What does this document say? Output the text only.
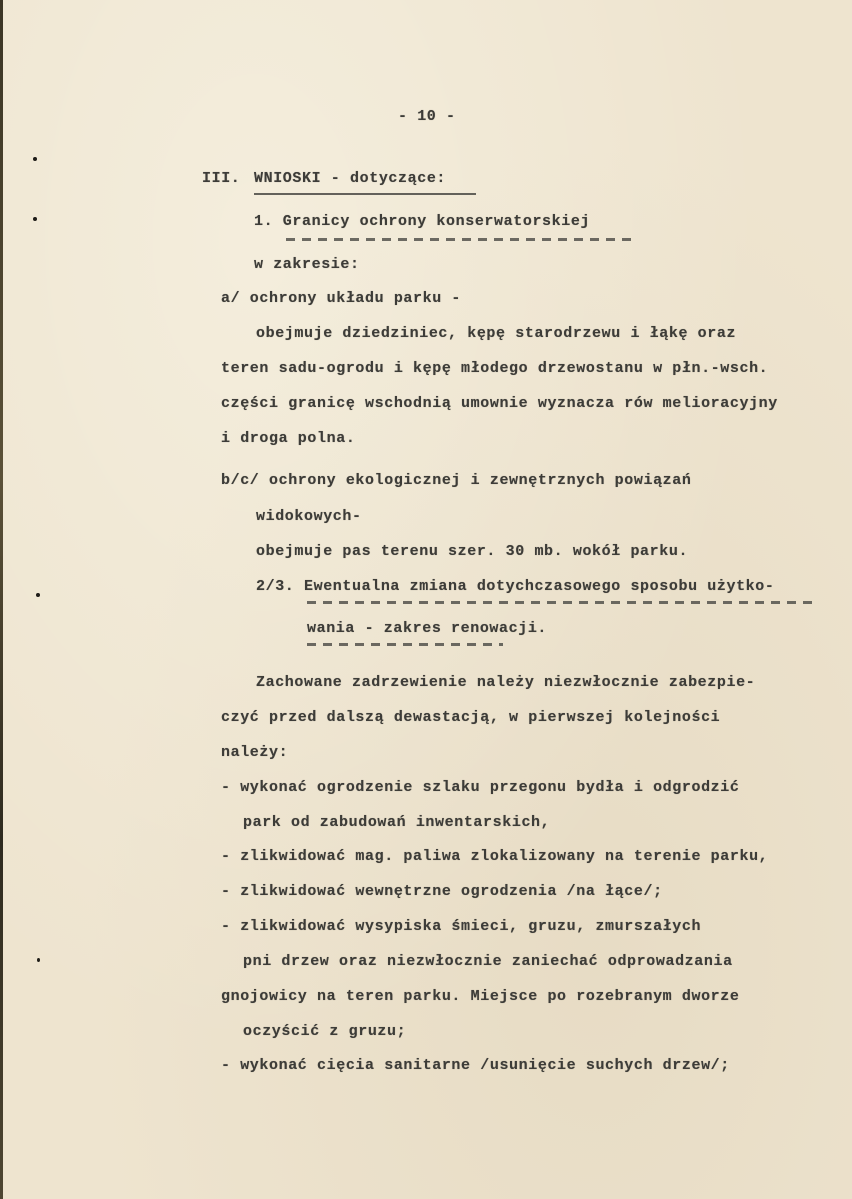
- 10 -
III. WNIOSKI - dotyczące:
1. Granicy ochrony konserwatorskiej
w zakresie:
a/ ochrony układu parku -
obejmuje dziedziniec, kępę starodrzewu i łąkę oraz
teren sadu-ogrodu i kępę młodego drzewostanu w płn.-wsch.
części granicę wschodnią umownie wyznacza rów melioracyjny
i droga polna.
b/c/ ochrony ekologicznej i zewnętrznych powiązań
widokowych-
obejmuje pas terenu szer. 30 mb. wokół parku.
2/3. Ewentualna zmiana dotychczasowego sposobu użytko-
wania - zakres renowacji.
Zachowane zadrzewienie należy niezwłocznie zabezpie-
czyć przed dalszą dewastacją, w pierwszej kolejności
należy:
- wykonać ogrodzenie szlaku przegonu bydła i odgrodzić
park od zabudowań inwentarskich,
- zlikwidować mag. paliwa zlokalizowany na terenie parku,
- zlikwidować wewnętrzne ogrodzenia /na łące/;
- zlikwidować wysypiska śmieci, gruzu, zmurszałych
pni drzew oraz niezwłocznie zaniechać odprowadzania
gnojowicy na teren parku. Miejsce po rozebranym dworze
oczyścić z gruzu;
- wykonać cięcia sanitarne /usunięcie suchych drzew/;
